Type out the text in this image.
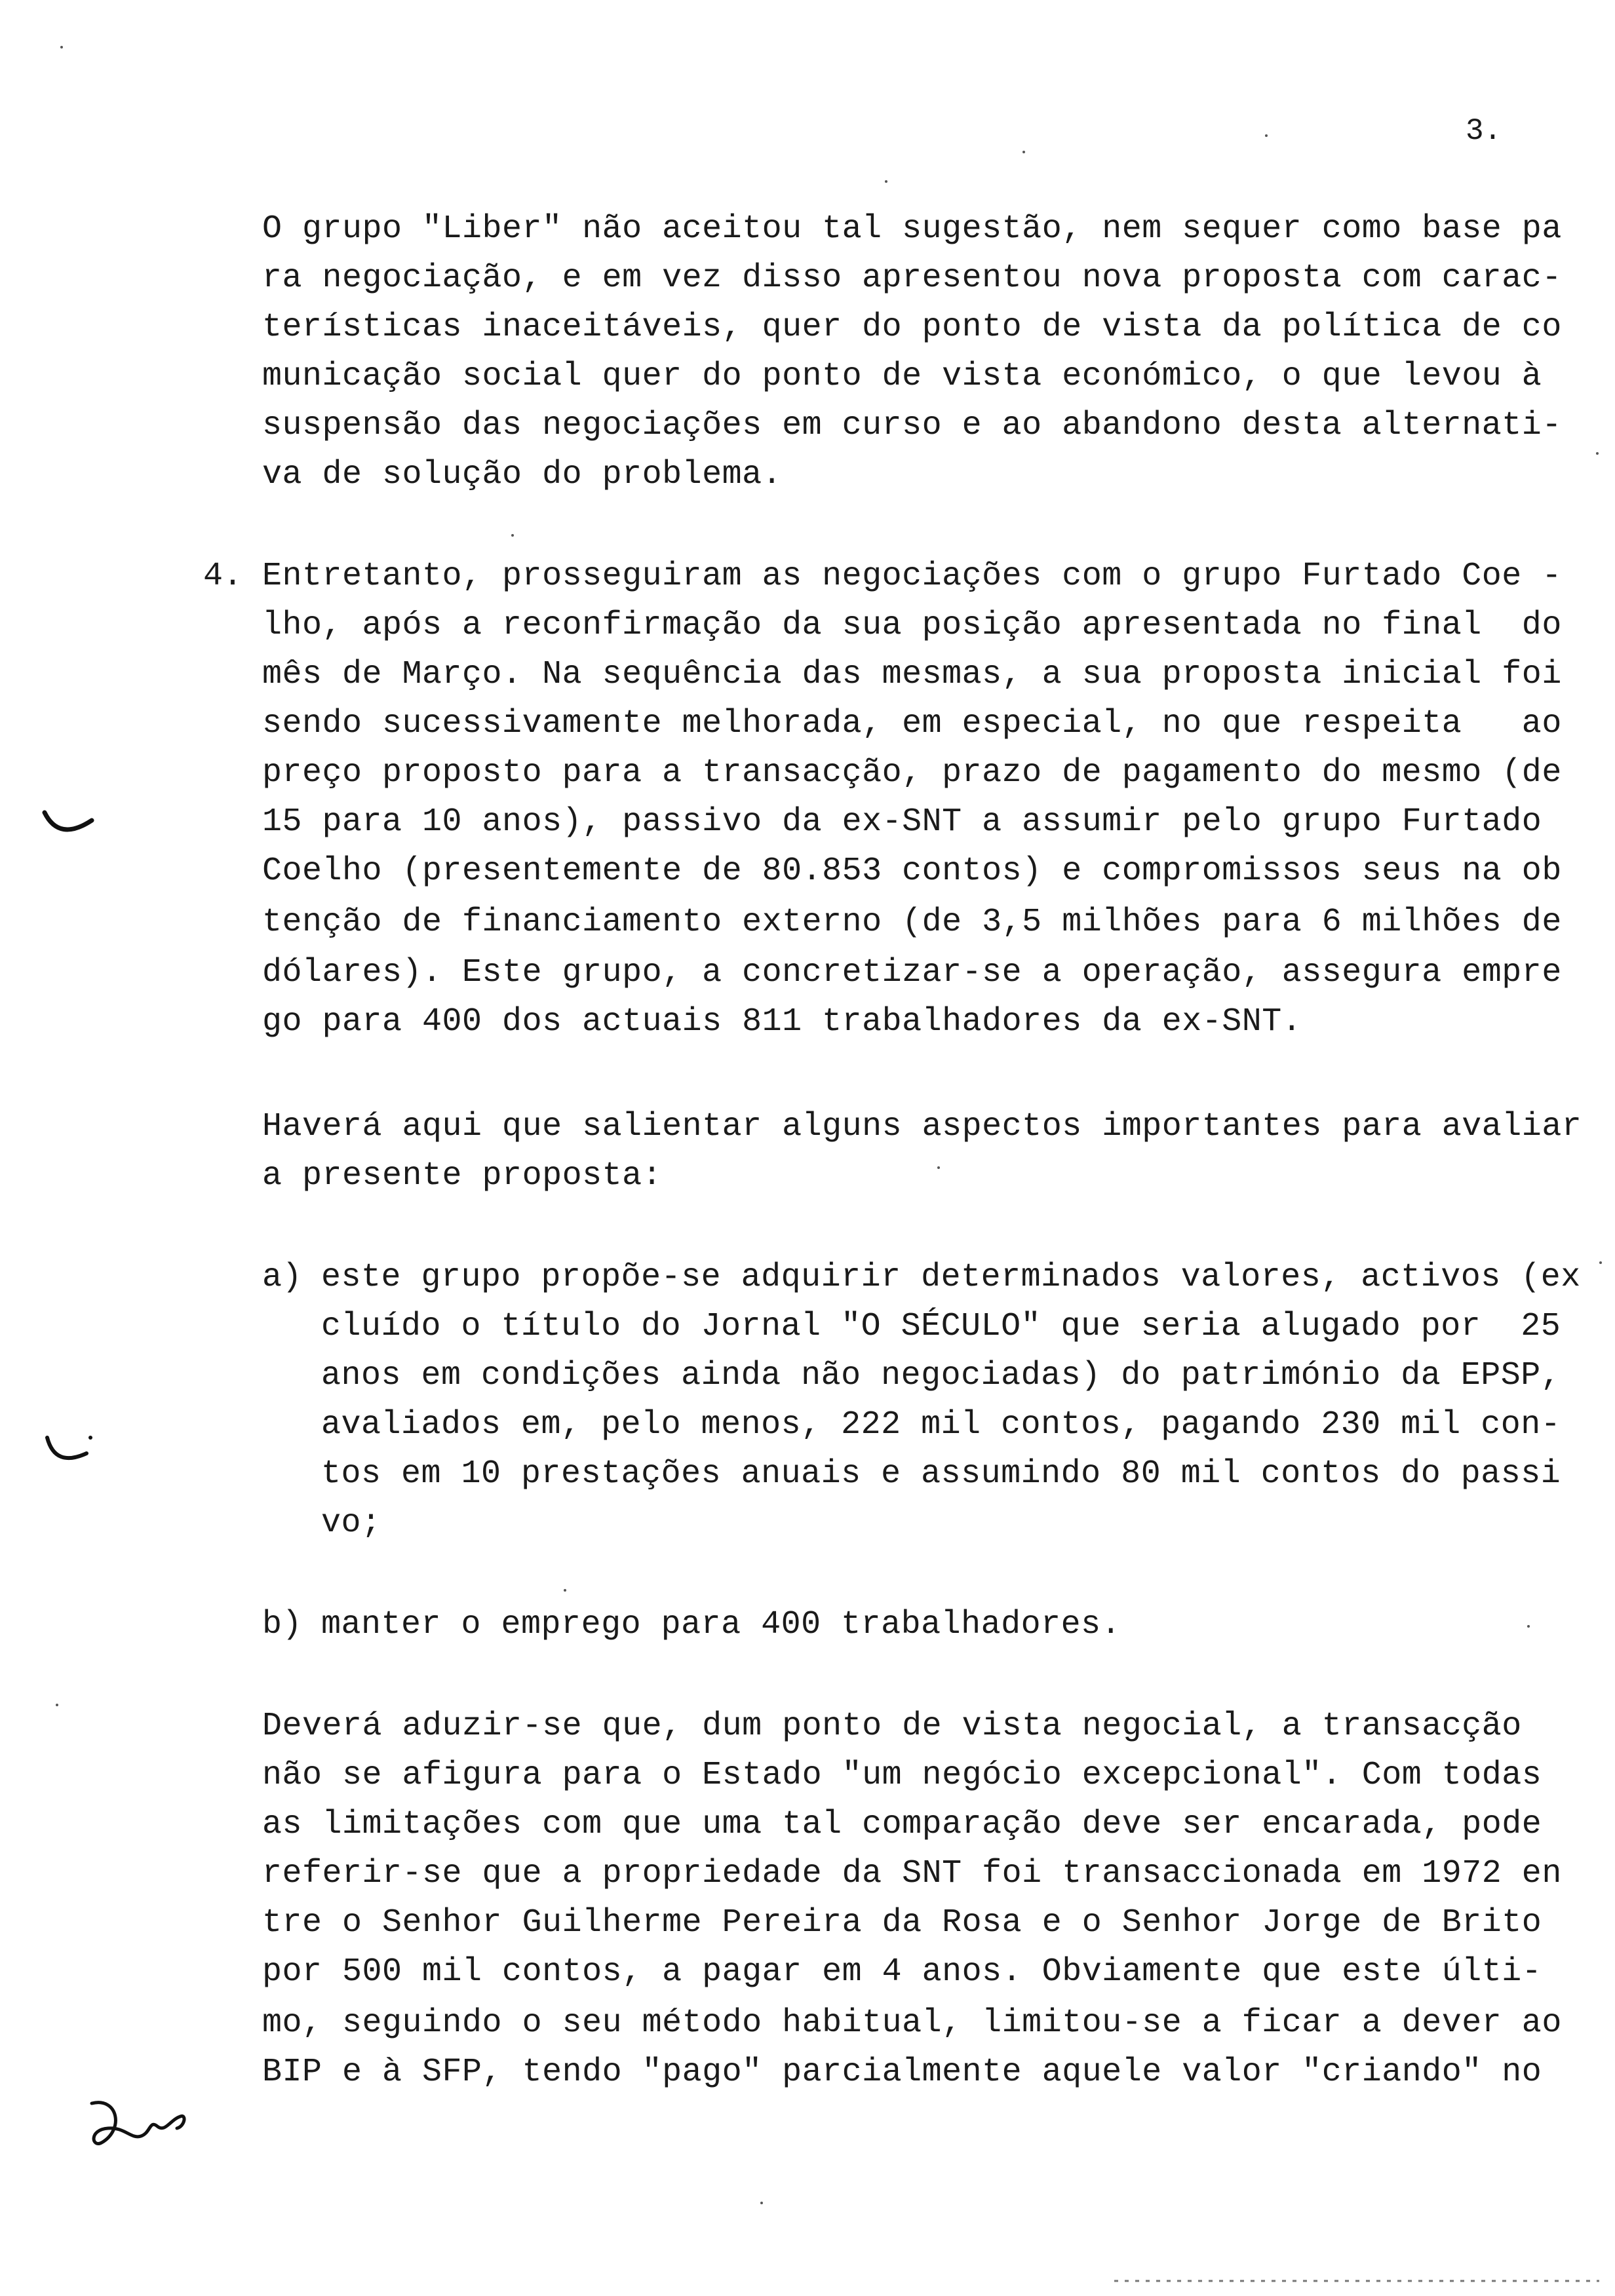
3.
O grupo "Liber" não aceitou tal sugestão, nem sequer como base pa
ra negociação, e em vez disso apresentou nova proposta com carac-
terísticas inaceitáveis, quer do ponto de vista da política de co
municação social quer do ponto de vista económico, o que levou à
suspensão das negociações em curso e ao abandono desta alternati-
va de solução do problema.
4. Entretanto, prosseguiram as negociações com o grupo Furtado Coe -
lho, após a reconfirmação da sua posição apresentada no final  do
mês de Março. Na sequência das mesmas, a sua proposta inicial foi
sendo sucessivamente melhorada, em especial, no que respeita   ao
preço proposto para a transacção, prazo de pagamento do mesmo (de
15 para 10 anos), passivo da ex-SNT a assumir pelo grupo Furtado
Coelho (presentemente de 80.853 contos) e compromissos seus na ob
tenção de financiamento externo (de 3,5 milhões para 6 milhões de
dólares). Este grupo, a concretizar-se a operação, assegura empre
go para 400 dos actuais 811 trabalhadores da ex-SNT.
Haverá aqui que salientar alguns aspectos importantes para avaliar
a presente proposta:
a) este grupo propõe-se adquirir determinados valores, activos (ex
cluído o título do Jornal "O SÉCULO" que seria alugado por  25
anos em condições ainda não negociadas) do património da EPSP,
avaliados em, pelo menos, 222 mil contos, pagando 230 mil con-
tos em 10 prestações anuais e assumindo 80 mil contos do passi
vo;
b) manter o emprego para 400 trabalhadores.
Deverá aduzir-se que, dum ponto de vista negocial, a transacção
não se afigura para o Estado "um negócio excepcional". Com todas
as limitações com que uma tal comparação deve ser encarada, pode
referir-se que a propriedade da SNT foi transaccionada em 1972 en
tre o Senhor Guilherme Pereira da Rosa e o Senhor Jorge de Brito
por 500 mil contos, a pagar em 4 anos. Obviamente que este últi-
mo, seguindo o seu método habitual, limitou-se a ficar a dever ao
BIP e à SFP, tendo "pago" parcialmente aquele valor "criando" no
